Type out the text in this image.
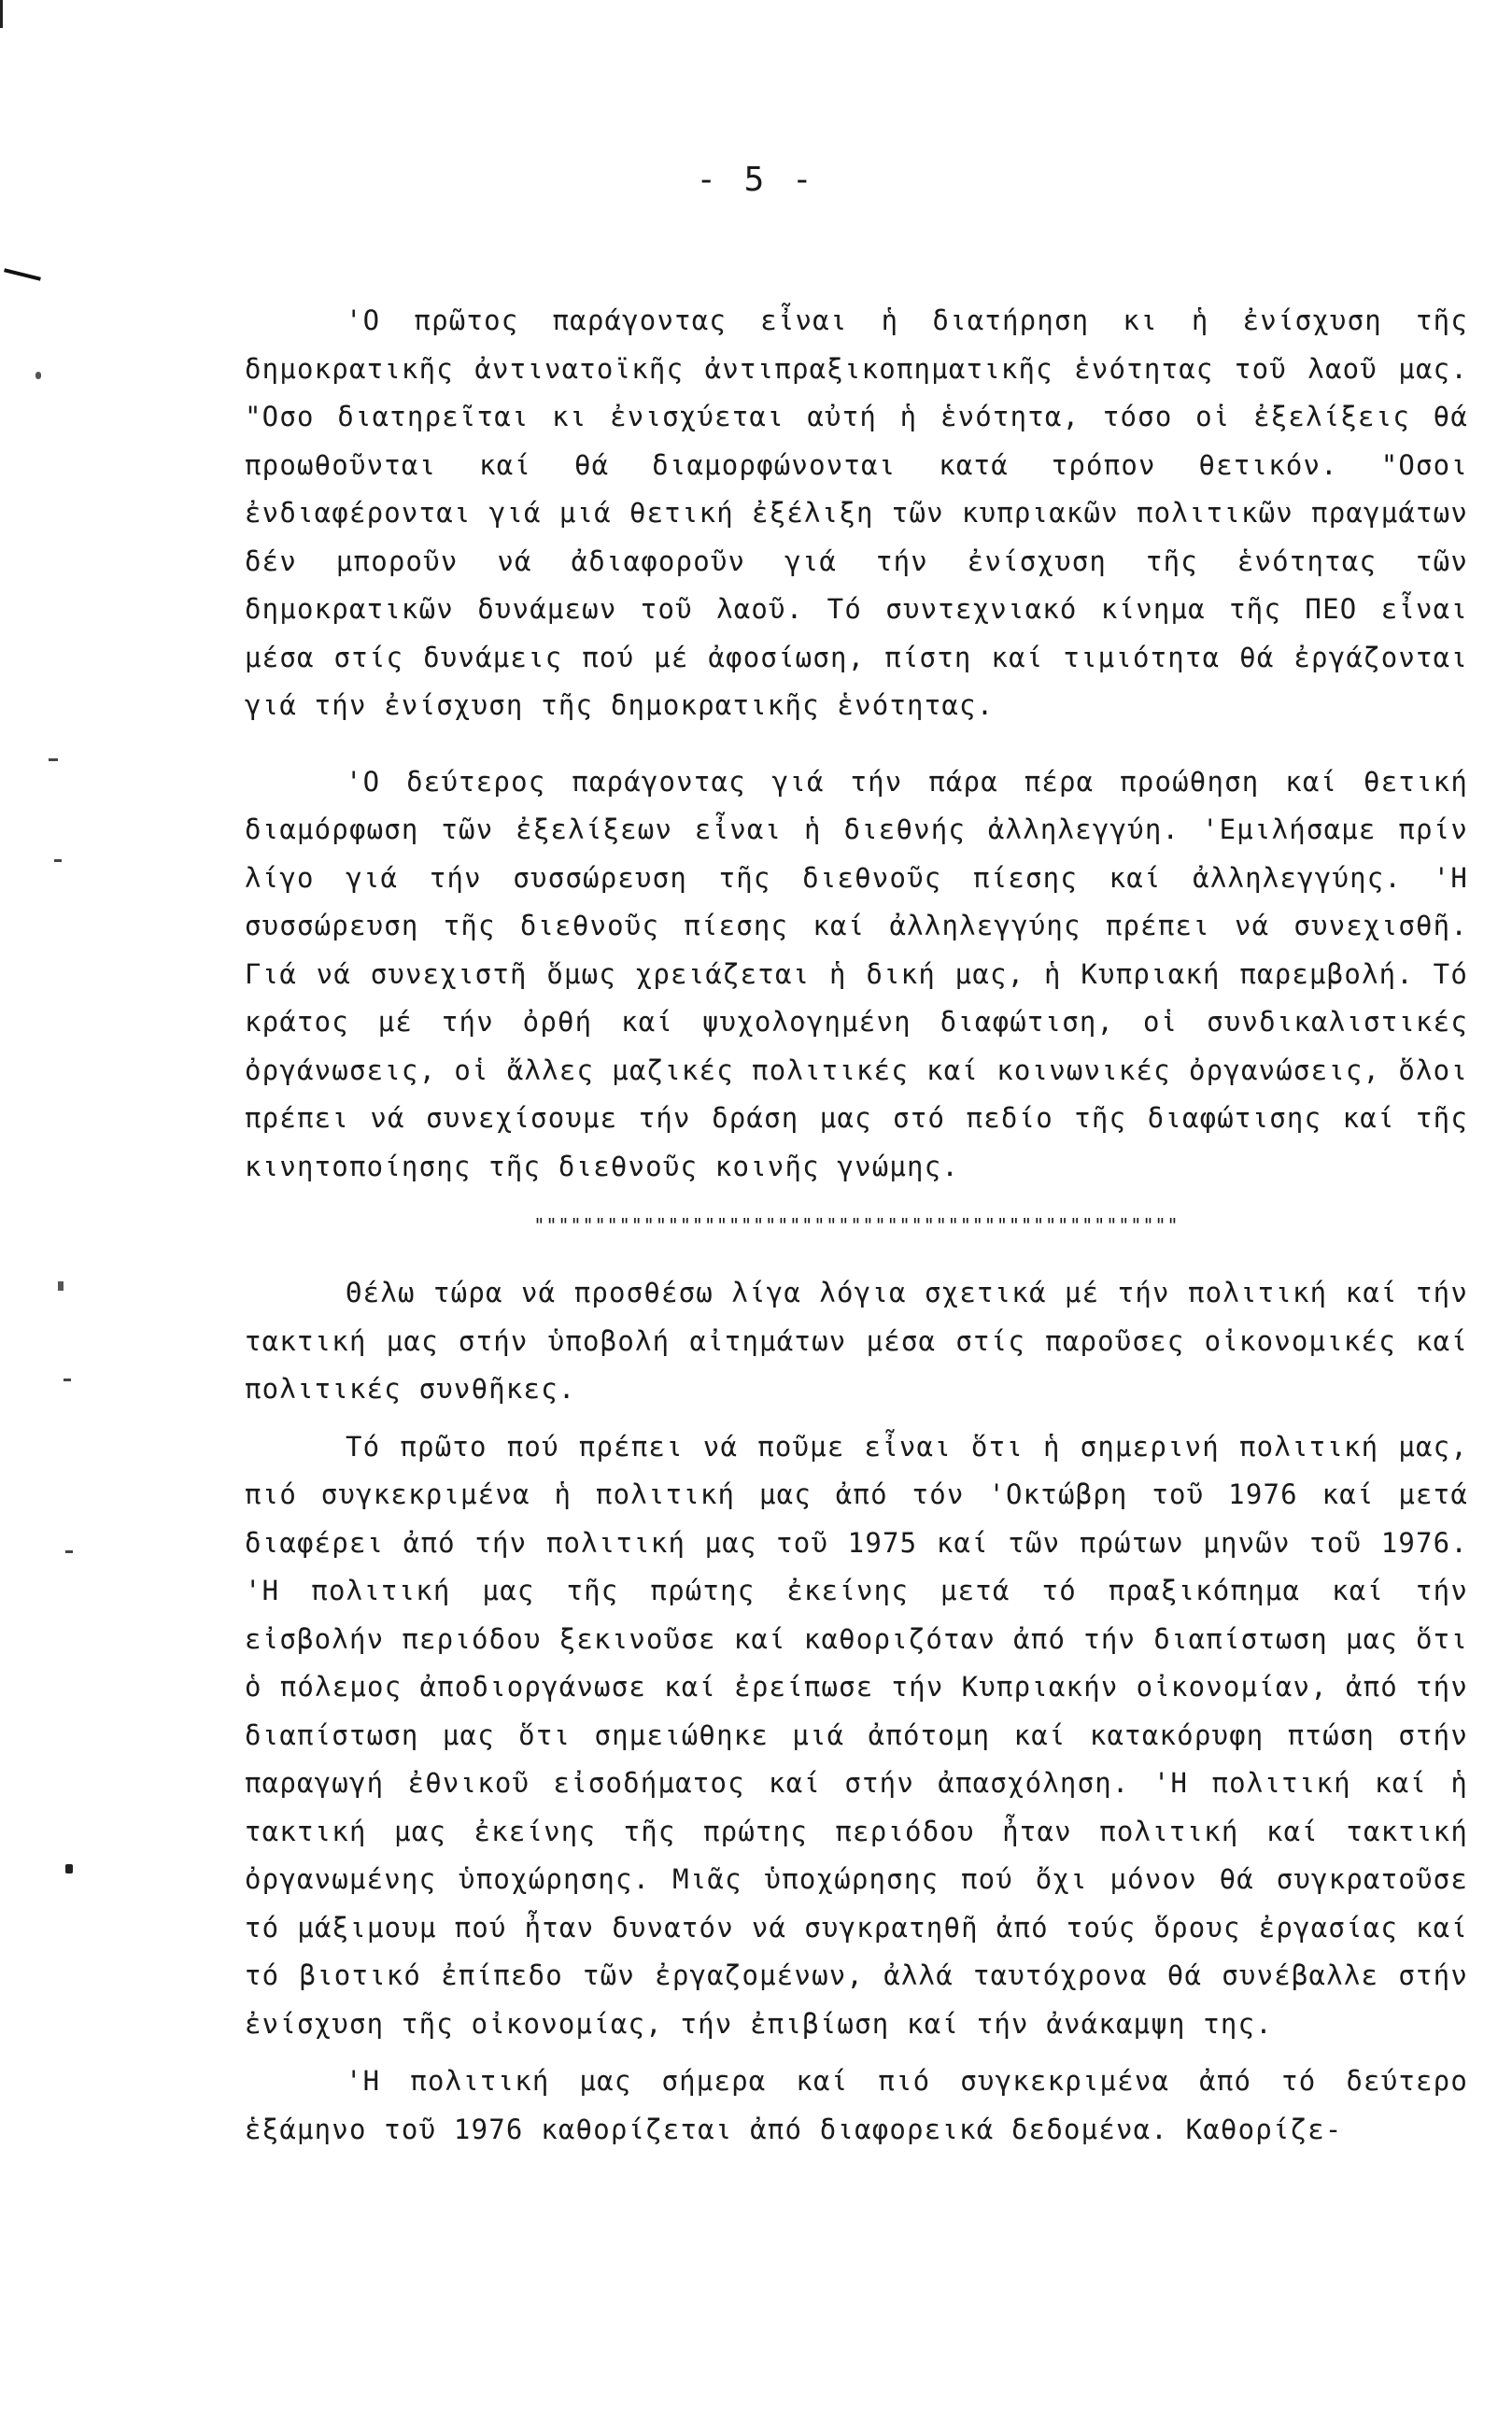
- 5 -

'Ο πρῶτος παράγοντας εἶναι ἡ διατήρηση κι ἡ ἐνίσχυση τῆς δημοκρατικῆς ἀντινατοϊκῆς ἀντιπραξικοπηματικῆς ἑνότητας τοῦ λαοῦ μας. "Οσο διατηρεῖται κι ἐνισχύεται αὐτή ἡ ἑνότητα, τόσο οἱ ἐξελίξεις θά προωθοῦνται καί θά διαμορφώνονται κατά τρόπον θετικόν. "Οσοι ἐνδιαφέρονται γιά μιά θετική ἐξέλιξη τῶν κυπριακῶν πολιτικῶν πραγμάτων δέν μποροῦν νά ἀδιαφοροῦν γιά τήν ἐνίσχυση τῆς ἑνότητας τῶν δημοκρατικῶν δυνάμεων τοῦ λαοῦ. Τό συντεχνιακό κίνημα τῆς ΠΕΟ εἶναι μέσα στίς δυνάμεις πού μέ ἀφοσίωση, πίστη καί τιμιότητα θά ἐργάζονται γιά τήν ἐνίσχυση τῆς δημοκρατικῆς ἑνότητας.

'Ο δεύτερος παράγοντας γιά τήν πάρα πέρα προώθηση καί θετική διαμόρφωση τῶν ἐξελίξεων εἶναι ἡ διεθνής ἀλληλεγγύη. 'Εμιλήσαμε πρίν λίγο γιά τήν συσσώρευση τῆς διεθνοῦς πίεσης καί ἀλληλεγγύης. 'Η συσσώρευση τῆς διεθνοῦς πίεσης καί ἀλληλεγγύης πρέπει νά συνεχισθῆ. Γιά νά συνεχιστῆ ὅμως χρειάζεται ἡ δική μας, ἡ Κυπριακή παρεμβολή. Τό κράτος μέ τήν ὀρθή καί ψυχολογημένη διαφώτιση, οἱ συνδικαλιστικές ὀργάνωσεις, οἱ ἄλλες μαζικές πολιτικές καί κοινωνικές ὀργανώσεις, ὅλοι πρέπει νά συνεχίσουμε τήν δράση μας στό πεδίο τῆς διαφώτισης καί τῆς κινητοποίησης τῆς διεθνοῦς κοινῆς γνώμης.

"""""""""""""""""""""""""""""""""""""""""""""""""""""

Θέλω τώρα νά προσθέσω λίγα λόγια σχετικά μέ τήν πολιτική καί τήν τακτική μας στήν ὑποβολή αἰτημάτων μέσα στίς παροῦσες οἰκονομικές καί πολιτικές συνθῆκες.

Τό πρῶτο πού πρέπει νά ποῦμε εἶναι ὅτι ἡ σημερινή πολιτική μας, πιό συγκεκριμένα ἡ πολιτική μας ἀπό τόν 'Οκτώβρη τοῦ 1976 καί μετά διαφέρει ἀπό τήν πολιτική μας τοῦ 1975 καί τῶν πρώτων μηνῶν τοῦ 1976. 'Η πολιτική μας τῆς πρώτης ἐκείνης μετά τό πραξικόπημα καί τήν εἰσβολήν περιόδου ξεκινοῦσε καί καθοριζόταν ἀπό τήν διαπίστωση μας ὅτι ὁ πόλεμος ἀποδιοργάνωσε καί ἐρείπωσε τήν Κυπριακήν οἰκονομίαν, ἀπό τήν διαπίστωση μας ὅτι σημειώθηκε μιά ἀπότομη καί κατακόρυφη πτώση στήν παραγωγή ἐθνικοῦ εἰσοδήματος καί στήν ἀπασχόληση. 'Η πολιτική καί ἡ τακτική μας ἐκείνης τῆς πρώτης περιόδου ἦταν πολιτική καί τακτική ὀργανωμένης ὑποχώρησης. Μιᾶς ὑποχώρησης πού ὄχι μόνον θά συγκρατοῦσε τό μάξιμουμ πού ἦταν δυνατόν νά συγκρατηθῆ ἀπό τούς ὅρους ἐργασίας καί τό βιοτικό ἐπίπεδο τῶν ἐργαζομένων, ἀλλά ταυτόχρονα θά συνέβαλλε στήν ἐνίσχυση τῆς οἰκονομίας, τήν ἐπιβίωση καί τήν ἀνάκαμψη της.

'Η πολιτική μας σήμερα καί πιό συγκεκριμένα ἀπό τό δεύτερο ἑξάμηνο τοῦ 1976 καθορίζεται ἀπό διαφορεικά δεδομένα. Καθορίζε-
